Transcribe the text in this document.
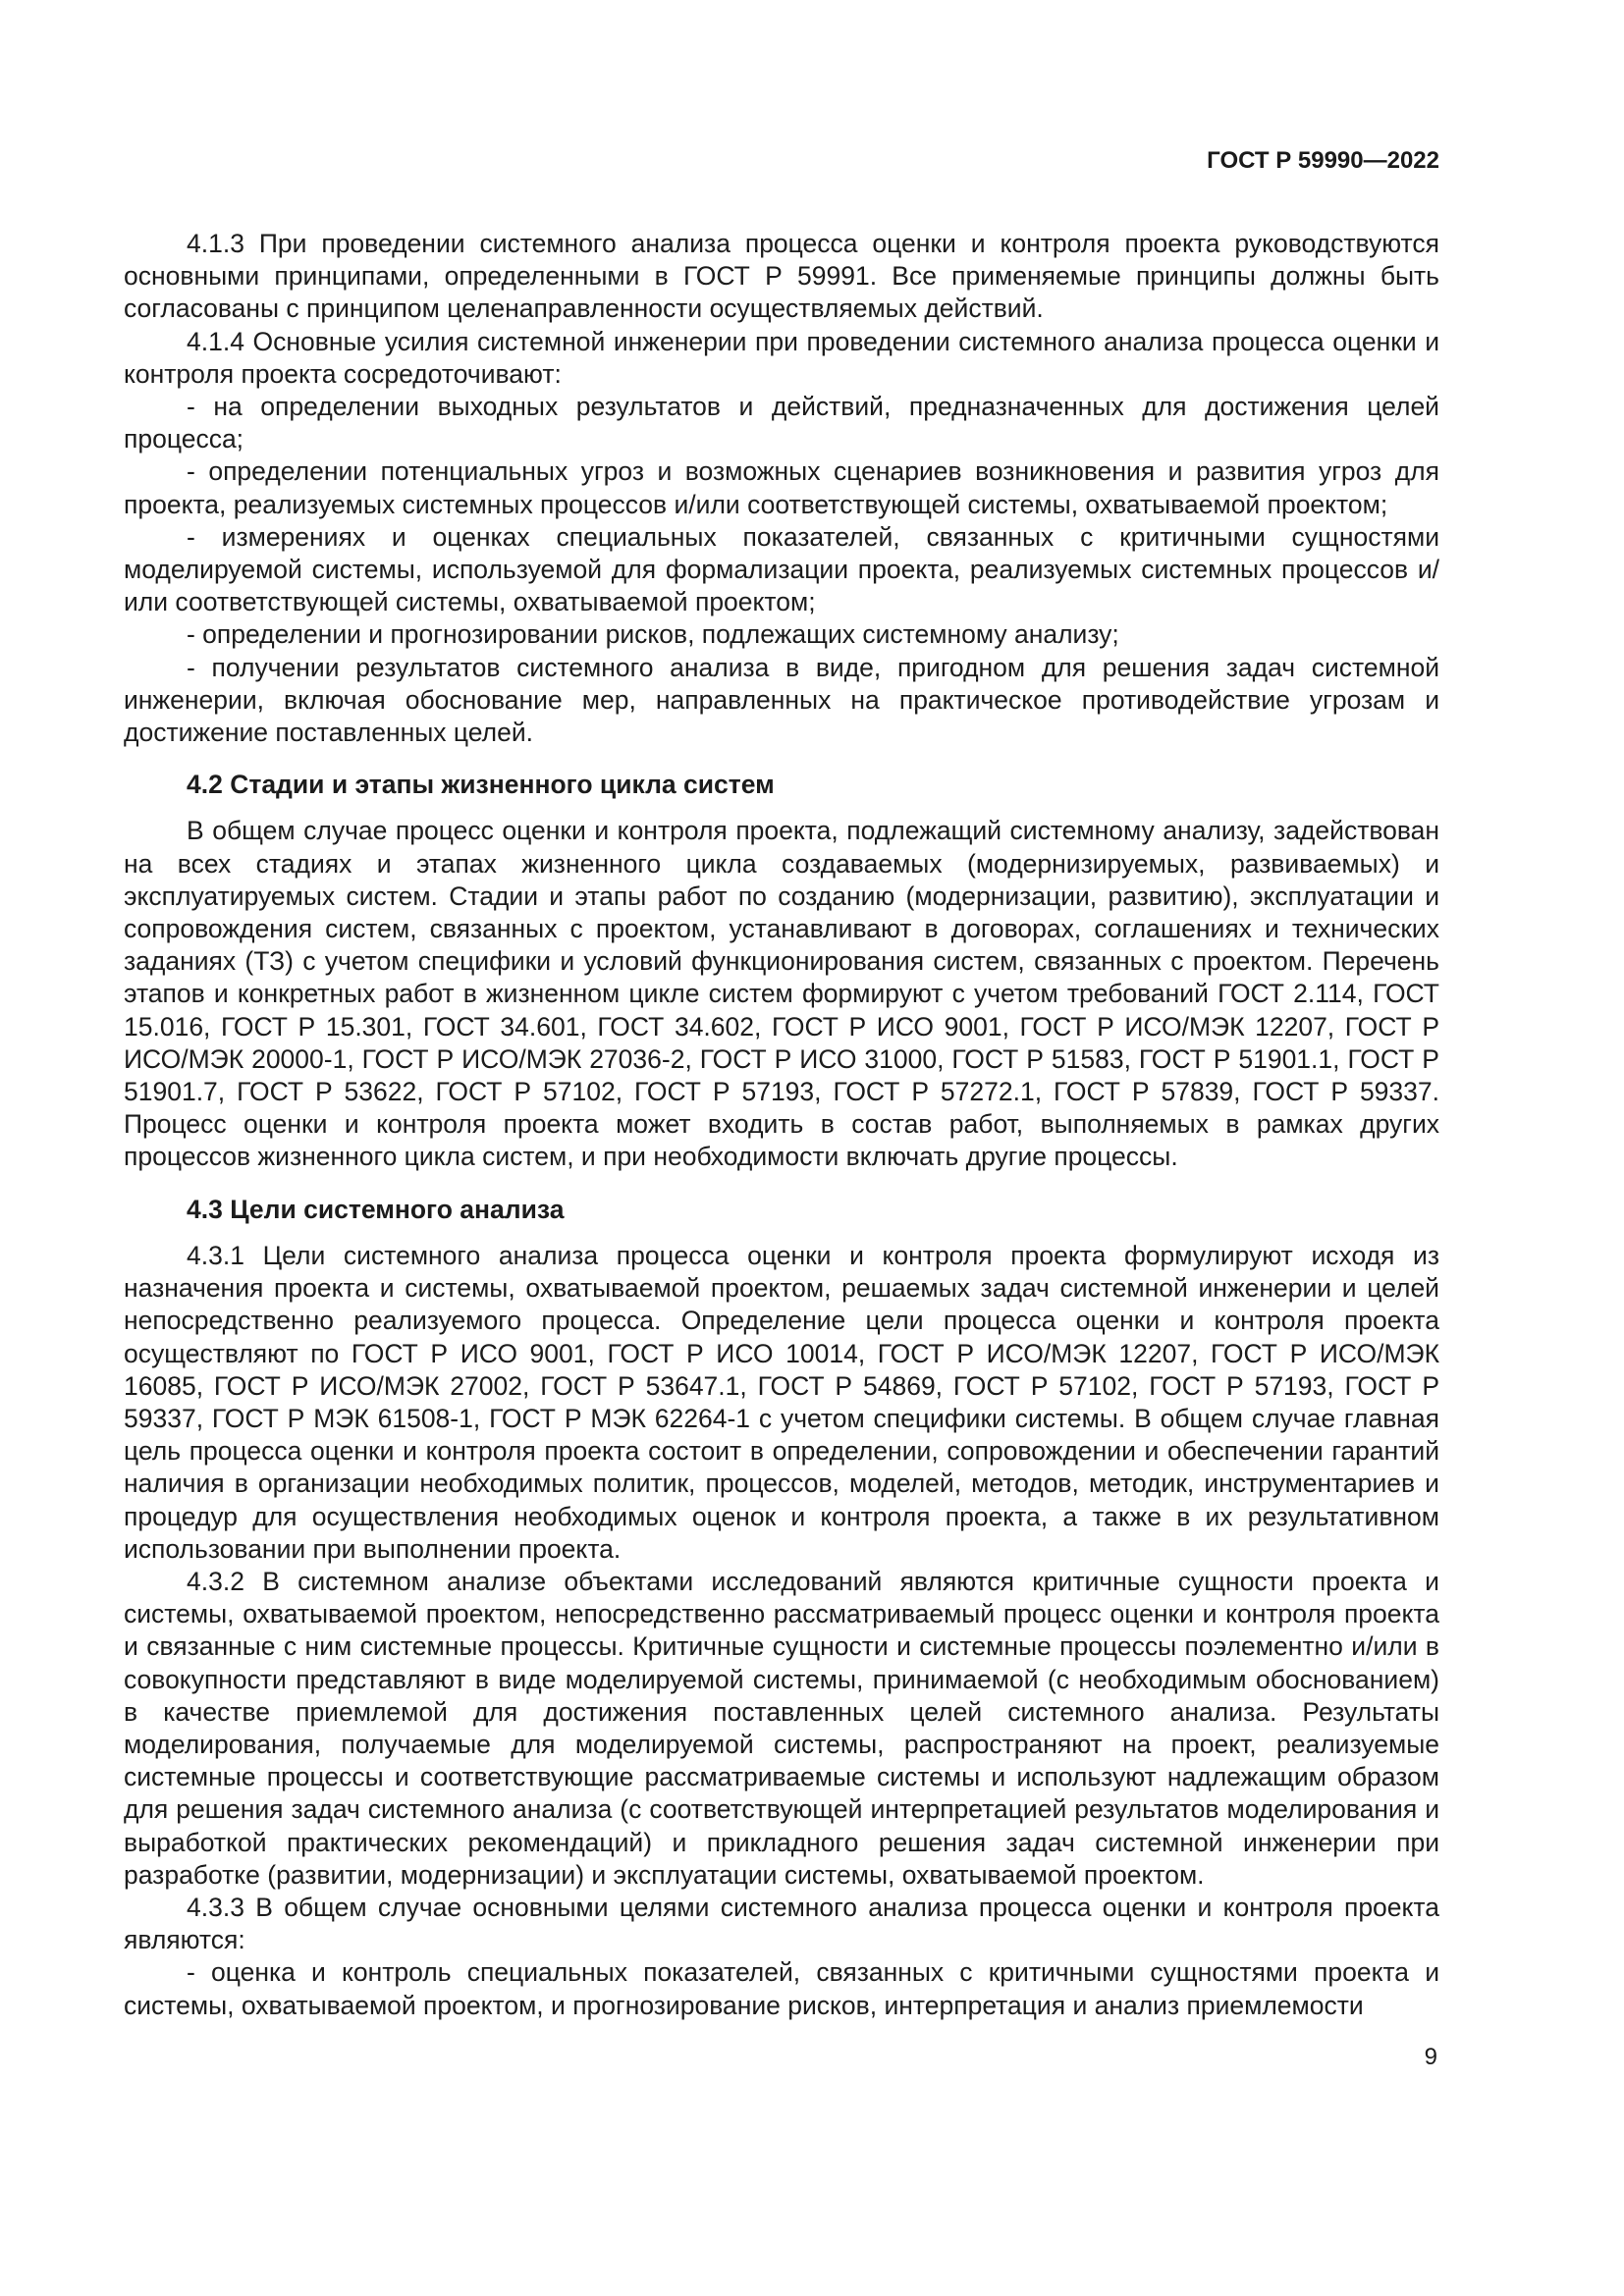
ГОСТ Р 59990—2022

4.1.3 При проведении системного анализа процесса оценки и контроля проекта руководствуются основными принципами, определенными в ГОСТ Р 59991. Все применяемые принципы должны быть согласованы с принципом целенаправленности осуществляемых действий.

4.1.4 Основные усилия системной инженерии при проведении системного анализа процесса оценки и контроля проекта сосредоточивают:

- на определении выходных результатов и действий, предназначенных для достижения целей процесса;

- определении потенциальных угроз и возможных сценариев возникновения и развития угроз для проекта, реализуемых системных процессов и/или соответствующей системы, охватываемой проектом;

- измерениях и оценках специальных показателей, связанных с критичными сущностями моделируемой системы, используемой для формализации проекта, реализуемых системных процессов и/или соответствующей системы, охватываемой проектом;

- определении и прогнозировании рисков, подлежащих системному анализу;

- получении результатов системного анализа в виде, пригодном для решения задач системной инженерии, включая обоснование мер, направленных на практическое противодействие угрозам и достижение поставленных целей.

4.2 Стадии и этапы жизненного цикла систем

В общем случае процесс оценки и контроля проекта, подлежащий системному анализу, задействован на всех стадиях и этапах жизненного цикла создаваемых (модернизируемых, развиваемых) и эксплуатируемых систем. Стадии и этапы работ по созданию (модернизации, развитию), эксплуатации и сопровождения систем, связанных с проектом, устанавливают в договорах, соглашениях и технических заданиях (ТЗ) с учетом специфики и условий функционирования систем, связанных с проектом. Перечень этапов и конкретных работ в жизненном цикле систем формируют с учетом требований ГОСТ 2.114, ГОСТ 15.016, ГОСТ Р 15.301, ГОСТ 34.601, ГОСТ 34.602, ГОСТ Р ИСО 9001, ГОСТ Р ИСО/МЭК 12207, ГОСТ Р ИСО/МЭК 20000-1, ГОСТ Р ИСО/МЭК 27036-2, ГОСТ Р ИСО 31000, ГОСТ Р 51583, ГОСТ Р 51901.1, ГОСТ Р 51901.7, ГОСТ Р 53622, ГОСТ Р 57102, ГОСТ Р 57193, ГОСТ Р 57272.1, ГОСТ Р 57839, ГОСТ Р 59337. Процесс оценки и контроля проекта может входить в состав работ, выполняемых в рамках других процессов жизненного цикла систем, и при необходимости включать другие процессы.

4.3 Цели системного анализа

4.3.1 Цели системного анализа процесса оценки и контроля проекта формулируют исходя из назначения проекта и системы, охватываемой проектом, решаемых задач системной инженерии и целей непосредственно реализуемого процесса. Определение цели процесса оценки и контроля проекта осуществляют по ГОСТ Р ИСО 9001, ГОСТ Р ИСО 10014, ГОСТ Р ИСО/МЭК 12207, ГОСТ Р ИСО/МЭК 16085, ГОСТ Р ИСО/МЭК 27002, ГОСТ Р 53647.1, ГОСТ Р 54869, ГОСТ Р 57102, ГОСТ Р 57193, ГОСТ Р 59337, ГОСТ Р МЭК 61508-1, ГОСТ Р МЭК 62264-1 с учетом специфики системы. В общем случае главная цель процесса оценки и контроля проекта состоит в определении, сопровождении и обеспечении гарантий наличия в организации необходимых политик, процессов, моделей, методов, методик, инструментариев и процедур для осуществления необходимых оценок и контроля проекта, а также в их результативном использовании при выполнении проекта.

4.3.2 В системном анализе объектами исследований являются критичные сущности проекта и системы, охватываемой проектом, непосредственно рассматриваемый процесс оценки и контроля проекта и связанные с ним системные процессы. Критичные сущности и системные процессы поэлементно и/или в совокупности представляют в виде моделируемой системы, принимаемой (с необходимым обоснованием) в качестве приемлемой для достижения поставленных целей системного анализа. Результаты моделирования, получаемые для моделируемой системы, распространяют на проект, реализуемые системные процессы и соответствующие рассматриваемые системы и используют надлежащим образом для решения задач системного анализа (с соответствующей интерпретацией результатов моделирования и выработкой практических рекомендаций) и прикладного решения задач системной инженерии при разработке (развитии, модернизации) и эксплуатации системы, охватываемой проектом.

4.3.3 В общем случае основными целями системного анализа процесса оценки и контроля проекта являются:

- оценка и контроль специальных показателей, связанных с критичными сущностями проекта и системы, охватываемой проектом, и прогнозирование рисков, интерпретация и анализ приемлемости

9
